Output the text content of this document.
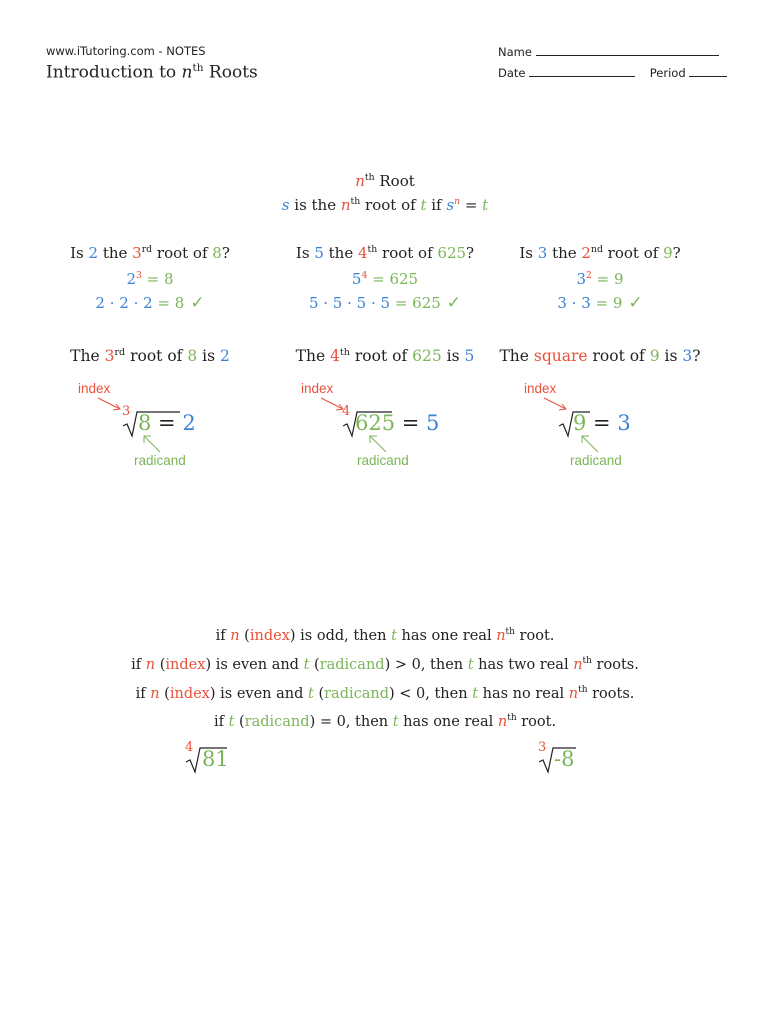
www.iTutoring.com - NOTES
Introduction to $n^{th}$ Roots
Name
Date	Period
$n^{th}$ Root
s is the $n^{th}$ root of t if $s^n = t$
Is 2 the 3rd root of 8?
$2^3 = 8$
2 · 2 · 2 = 8 ✓
The 3rd root of 8 is 2
Is 5 the 4th root of 625?
$5^4 = 625$
5 · 5 · 5 · 5 = 625 ✓
The 4th root of 625 is 5
Is 3 the 2nd root of 9?
$3^2 = 9$
3 · 3 = 9 ✓
The square root of 9 is 3?
index
3 8 = 2
radicand
index
4 625 = 5
radicand
index
9 = 3
radicand
if n (index) is odd, then t has one real $n^{th}$ root.
if n (index) is even and t (radicand) > 0, then t has two real $n^{th}$ roots.
if n (index) is even and t (radicand) < 0, then t has no real $n^{th}$ roots.
if t (radicand) = 0, then t has one real $n^{th}$ root.
4 81	3 -8
